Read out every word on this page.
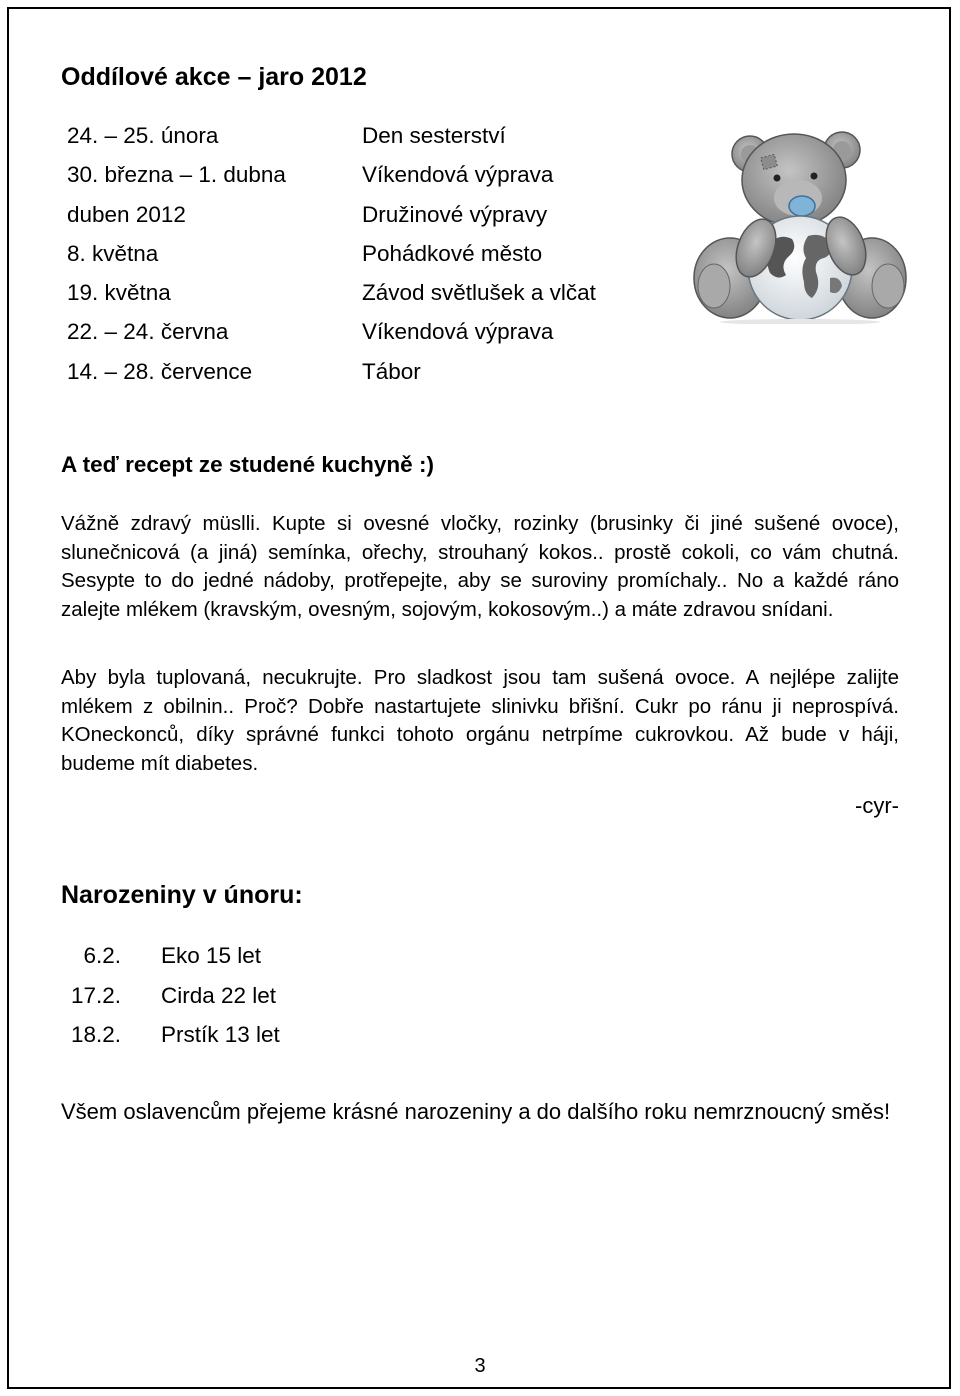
Oddílové akce – jaro 2012
24. – 25. února	Den sesterství
30. března – 1. dubna	Víkendová výprava
duben 2012	Družinové výpravy
8. května	Pohádkové město
19. května	Závod světlušek a vlčat
22. – 24. června	Víkendová výprava
14. – 28. července	Tábor
A teď recept ze studené kuchyně :)

Vážně zdravý müslli. Kupte si ovesné vločky, rozinky (brusinky či jiné sušené ovoce), slunečnicová (a jiná) semínka, ořechy, strouhaný kokos.. prostě cokoli, co vám chutná. Sesypte to do jedné nádoby, protřepejte, aby se suroviny promíchaly.. No a každé ráno zalejte mlékem (kravským, ovesným, sojovým, kokosovým..) a máte zdravou snídani.

Aby byla tuplovaná, necukrujte. Pro sladkost jsou tam sušená ovoce. A nejlépe zalijte mlékem z obilnin.. Proč? Dobře nastartujete slinivku břišní. Cukr po ránu ji neprospívá. KOneckonců, díky správné funkci tohoto orgánu netrpíme cukrovkou. Až bude v háji, budeme mít diabetes.

-cyr-
Narozeniny v únoru:
6.2. Eko 15 let
17.2. Cirda 22 let
18.2. Prstík 13 let

Všem oslavencům přejeme krásné narozeniny a do dalšího roku nemrznoucný směs!

3
